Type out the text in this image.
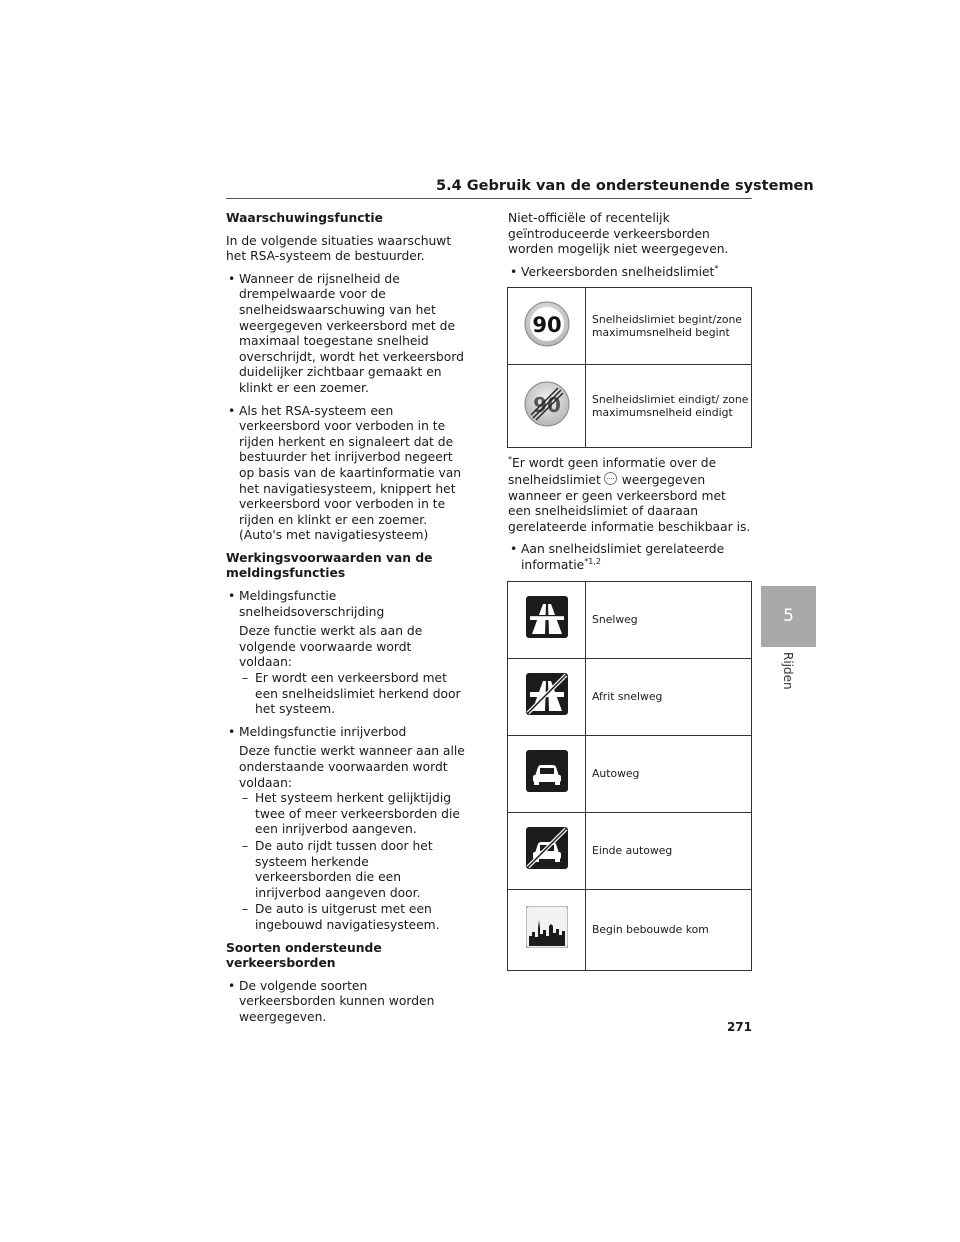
5.4 Gebruik van de ondersteunende systemen
5
Rijden
271

Waarschuwingsfunctie

In de volgende situaties waarschuwt het RSA-systeem de bestuurder.

• Wanneer de rijsnelheid de drempelwaarde voor de snelheidswaarschuwing van het weergegeven verkeersbord met de maximaal toegestane snelheid overschrijdt, wordt het verkeersbord duidelijker zichtbaar gemaakt en klinkt er een zoemer.
• Als het RSA-systeem een verkeersbord voor verboden in te rijden herkent en signaleert dat de bestuurder het inrijverbod negeert op basis van de kaartinformatie van het navigatiesysteem, knippert het verkeersbord voor verboden in te rijden en klinkt er een zoemer. (Auto's met navigatiesysteem)

Werkingsvoorwaarden van de meldingsfuncties

• Meldingsfunctie snelheidsoverschrijding
Deze functie werkt als aan de volgende voorwaarde wordt voldaan:
– Er wordt een verkeersbord met een snelheidslimiet herkend door het systeem.
• Meldingsfunctie inrijverbod
Deze functie werkt wanneer aan alle onderstaande voorwaarden wordt voldaan:
– Het systeem herkent gelijktijdig twee of meer verkeersborden die een inrijverbod aangeven.
– De auto rijdt tussen door het systeem herkende verkeersborden die een inrijverbod aangeven door.
– De auto is uitgerust met een ingebouwd navigatiesysteem.

Soorten ondersteunde verkeersborden

• De volgende soorten verkeersborden kunnen worden weergegeven.

Niet-officiële of recentelijk geïntroduceerde verkeersborden worden mogelijk niet weergegeven.

• Verkeersborden snelheidslimiet*
90	Snelheidslimiet begint/zone maximumsnelheid begint

90	Snelheidslimiet eindigt/ zone maximumsnelheid eindigt

*Er wordt geen informatie over de snelheidslimiet weergegeven wanneer er geen verkeersbord met een snelheidslimiet of daaraan gerelateerde informatie beschikbaar is.

• Aan snelheidslimiet gerelateerde informatie$^{*1,2}$
	Snelweg
	Afrit snelweg
	Autoweg
	Einde autoweg
	Begin bebouwde kom
